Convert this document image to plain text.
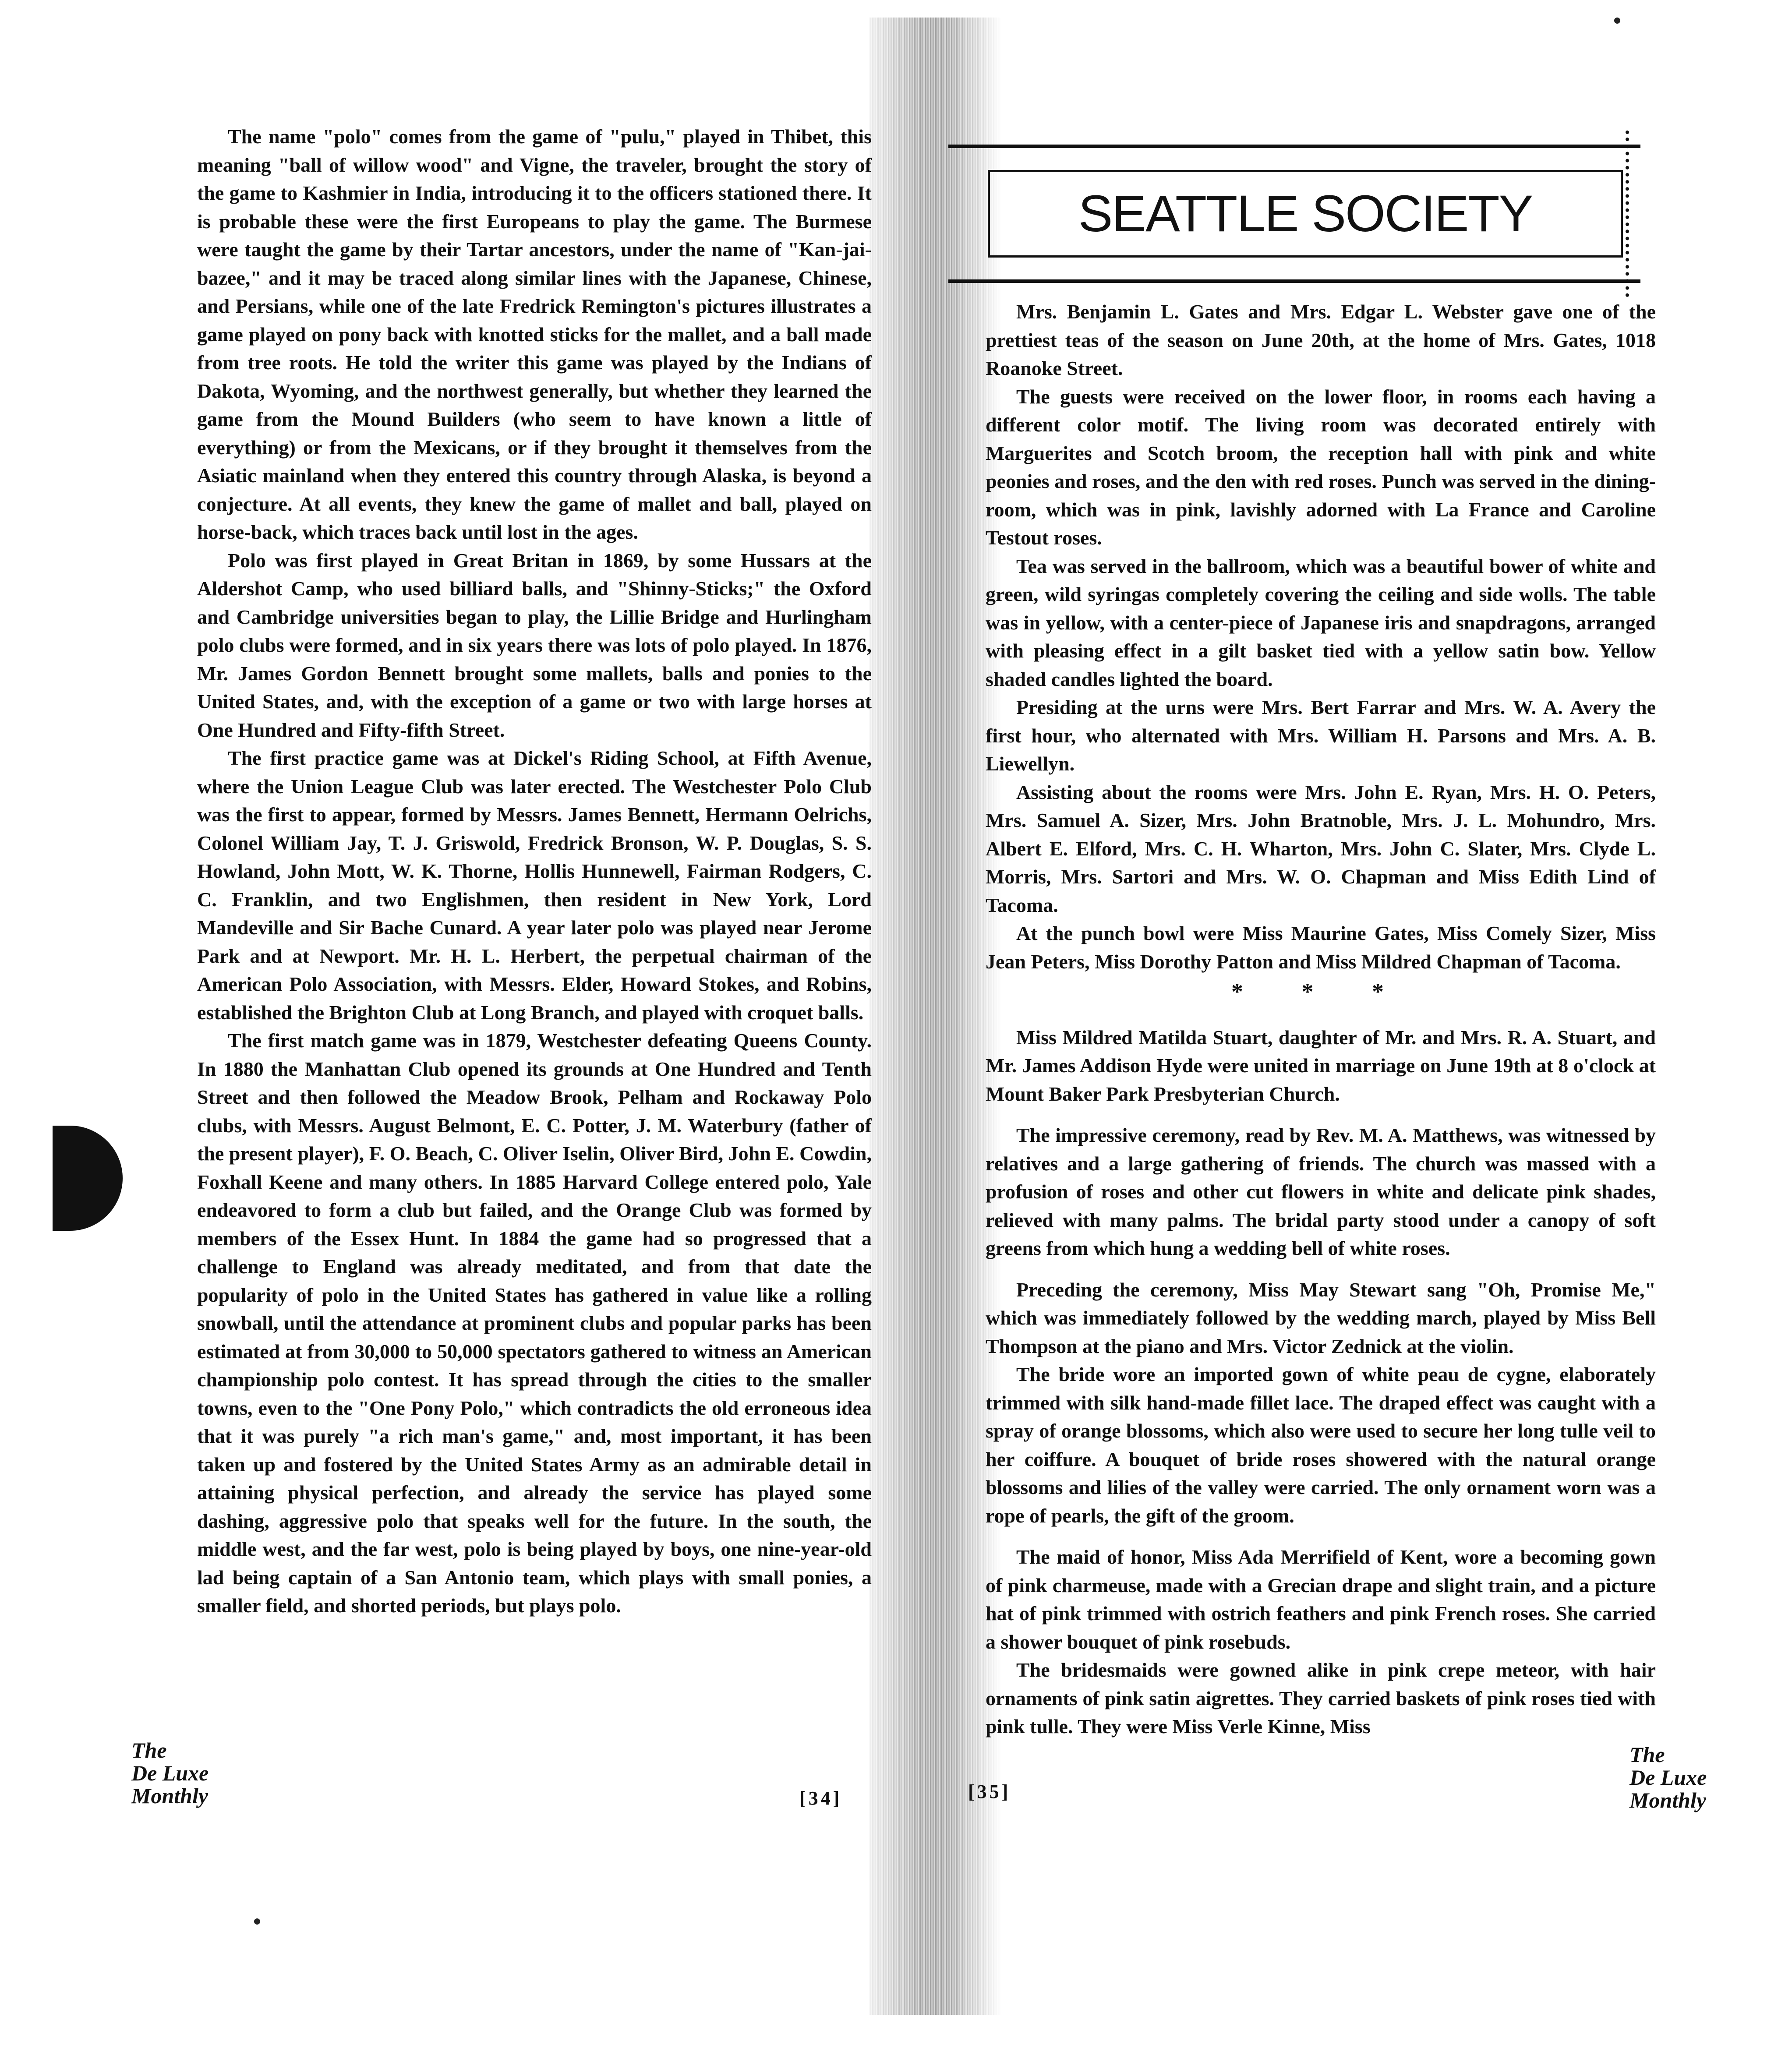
The name "polo" comes from the game of "pulu," played in Thibet, this meaning "ball of willow wood" and Vigne, the traveler, brought the story of the game to Kashmier in India, introducing it to the officers stationed there. It is probable these were the first Europeans to play the game. The Burmese were taught the game by their Tartar ancestors, under the name of "Kan-jai-bazee," and it may be traced along similar lines with the Japanese, Chinese, and Persians, while one of the late Fredrick Remington's pictures illustrates a game played on pony back with knotted sticks for the mallet, and a ball made from tree roots. He told the writer this game was played by the Indians of Dakota, Wyoming, and the northwest generally, but whether they learned the game from the Mound Builders (who seem to have known a little of everything) or from the Mexicans, or if they brought it themselves from the Asiatic mainland when they entered this country through Alaska, is beyond a conjecture. At all events, they knew the game of mallet and ball, played on horse-back, which traces back until lost in the ages.

Polo was first played in Great Britan in 1869, by some Hussars at the Aldershot Camp, who used billiard balls, and "Shinny-Sticks;" the Oxford and Cambridge universities began to play, the Lillie Bridge and Hurlingham polo clubs were formed, and in six years there was lots of polo played. In 1876, Mr. James Gordon Bennett brought some mallets, balls and ponies to the United States, and, with the exception of a game or two with large horses at One Hundred and Fifty-fifth Street.

The first practice game was at Dickel's Riding School, at Fifth Avenue, where the Union League Club was later erected. The Westchester Polo Club was the first to appear, formed by Messrs. James Bennett, Hermann Oelrichs, Colonel William Jay, T. J. Griswold, Fredrick Bronson, W. P. Douglas, S. S. Howland, John Mott, W. K. Thorne, Hollis Hunnewell, Fairman Rodgers, C. C. Franklin, and two Englishmen, then resident in New York, Lord Mandeville and Sir Bache Cunard. A year later polo was played near Jerome Park and at Newport. Mr. H. L. Herbert, the perpetual chairman of the American Polo Association, with Messrs. Elder, Howard Stokes, and Robins, established the Brighton Club at Long Branch, and played with croquet balls.

The first match game was in 1879, Westchester defeating Queens County. In 1880 the Manhattan Club opened its grounds at One Hundred and Tenth Street and then followed the Meadow Brook, Pelham and Rockaway Polo clubs, with Messrs. August Belmont, E. C. Potter, J. M. Waterbury (father of the present player), F. O. Beach, C. Oliver Iselin, Oliver Bird, John E. Cowdin, Foxhall Keene and many others. In 1885 Harvard College entered polo, Yale endeavored to form a club but failed, and the Orange Club was formed by members of the Essex Hunt. In 1884 the game had so progressed that a challenge to England was already meditated, and from that date the popularity of polo in the United States has gathered in value like a rolling snowball, until the attendance at prominent clubs and popular parks has been estimated at from 30,000 to 50,000 spectators gathered to witness an American championship polo contest. It has spread through the cities to the smaller towns, even to the "One Pony Polo," which contradicts the old erroneous idea that it was purely "a rich man's game," and, most important, it has been taken up and fostered by the United States Army as an admirable detail in attaining physical perfection, and already the service has played some dashing, aggressive polo that speaks well for the future. In the south, the middle west, and the far west, polo is being played by boys, one nine-year-old lad being captain of a San Antonio team, which plays with small ponies, a smaller field, and shorted periods, but plays polo.

The
De Luxe
Monthly	[34]

Mrs. Benjamin L. Gates and Mrs. Edgar L. Webster gave one of the prettiest teas of the season on June 20th, at the home of Mrs. Gates, 1018 Roanoke Street.

The guests were received on the lower floor, in rooms each having a different color motif. The living room was decorated entirely with Marguerites and Scotch broom, the reception hall with pink and white peonies and roses, and the den with red roses. Punch was served in the dining-room, which was in pink, lavishly adorned with La France and Caroline Testout roses.

Tea was served in the ballroom, which was a beautiful bower of white and green, wild syringas completely covering the ceiling and side wolls. The table was in yellow, with a center-piece of Japanese iris and snapdragons, arranged with pleasing effect in a gilt basket tied with a yellow satin bow. Yellow shaded candles lighted the board.

Presiding at the urns were Mrs. Bert Farrar and Mrs. W. A. Avery the first hour, who alternated with Mrs. William H. Parsons and Mrs. A. B. Liewellyn.

Assisting about the rooms were Mrs. John E. Ryan, Mrs. H. O. Peters, Mrs. Samuel A. Sizer, Mrs. John Bratnoble, Mrs. J. L. Mohundro, Mrs. Albert E. Elford, Mrs. C. H. Wharton, Mrs. John C. Slater, Mrs. Clyde L. Morris, Mrs. Sartori and Mrs. W. O. Chapman and Miss Edith Lind of Tacoma.

At the punch bowl were Miss Maurine Gates, Miss Comely Sizer, Miss Jean Peters, Miss Dorothy Patton and Miss Mildred Chapman of Tacoma.

* * *

Miss Mildred Matilda Stuart, daughter of Mr. and Mrs. R. A. Stuart, and Mr. James Addison Hyde were united in marriage on June 19th at 8 o'clock at Mount Baker Park Presbyterian Church.

The impressive ceremony, read by Rev. M. A. Matthews, was witnessed by relatives and a large gathering of friends. The church was massed with a profusion of roses and other cut flowers in white and delicate pink shades, relieved with many palms. The bridal party stood under a canopy of soft greens from which hung a wedding bell of white roses.

Preceding the ceremony, Miss May Stewart sang "Oh, Promise Me," which was immediately followed by the wedding march, played by Miss Bell Thompson at the piano and Mrs. Victor Zednick at the violin.

The bride wore an imported gown of white peau de cygne, elaborately trimmed with silk hand-made fillet lace. The draped effect was caught with a spray of orange blossoms, which also were used to secure her long tulle veil to her coiffure. A bouquet of bride roses showered with the natural orange blossoms and lilies of the valley were carried. The only ornament worn was a rope of pearls, the gift of the groom.

The maid of honor, Miss Ada Merrifield of Kent, wore a becoming gown of pink charmeuse, made with a Grecian drape and slight train, and a picture hat of pink trimmed with ostrich feathers and pink French roses. She carried a shower bouquet of pink rosebuds.

The bridesmaids were gowned alike in pink crepe meteor, with hair ornaments of pink satin aigrettes. They carried baskets of pink roses tied with pink tulle. They were Miss Verle Kinne, Miss

The
De Luxe
Monthly
[35]
SEATTLE SOCIETY
